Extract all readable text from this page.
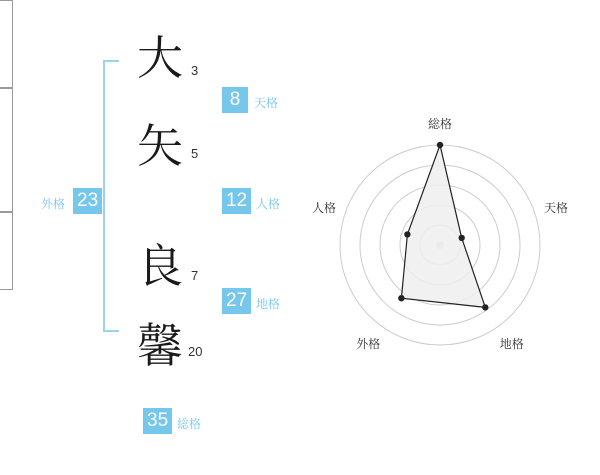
大
矢
良
馨
3
5
7
20
8	天格
12 人格
27 地格
23
外格
35 総格
総格
天格
地格
外格
人格
